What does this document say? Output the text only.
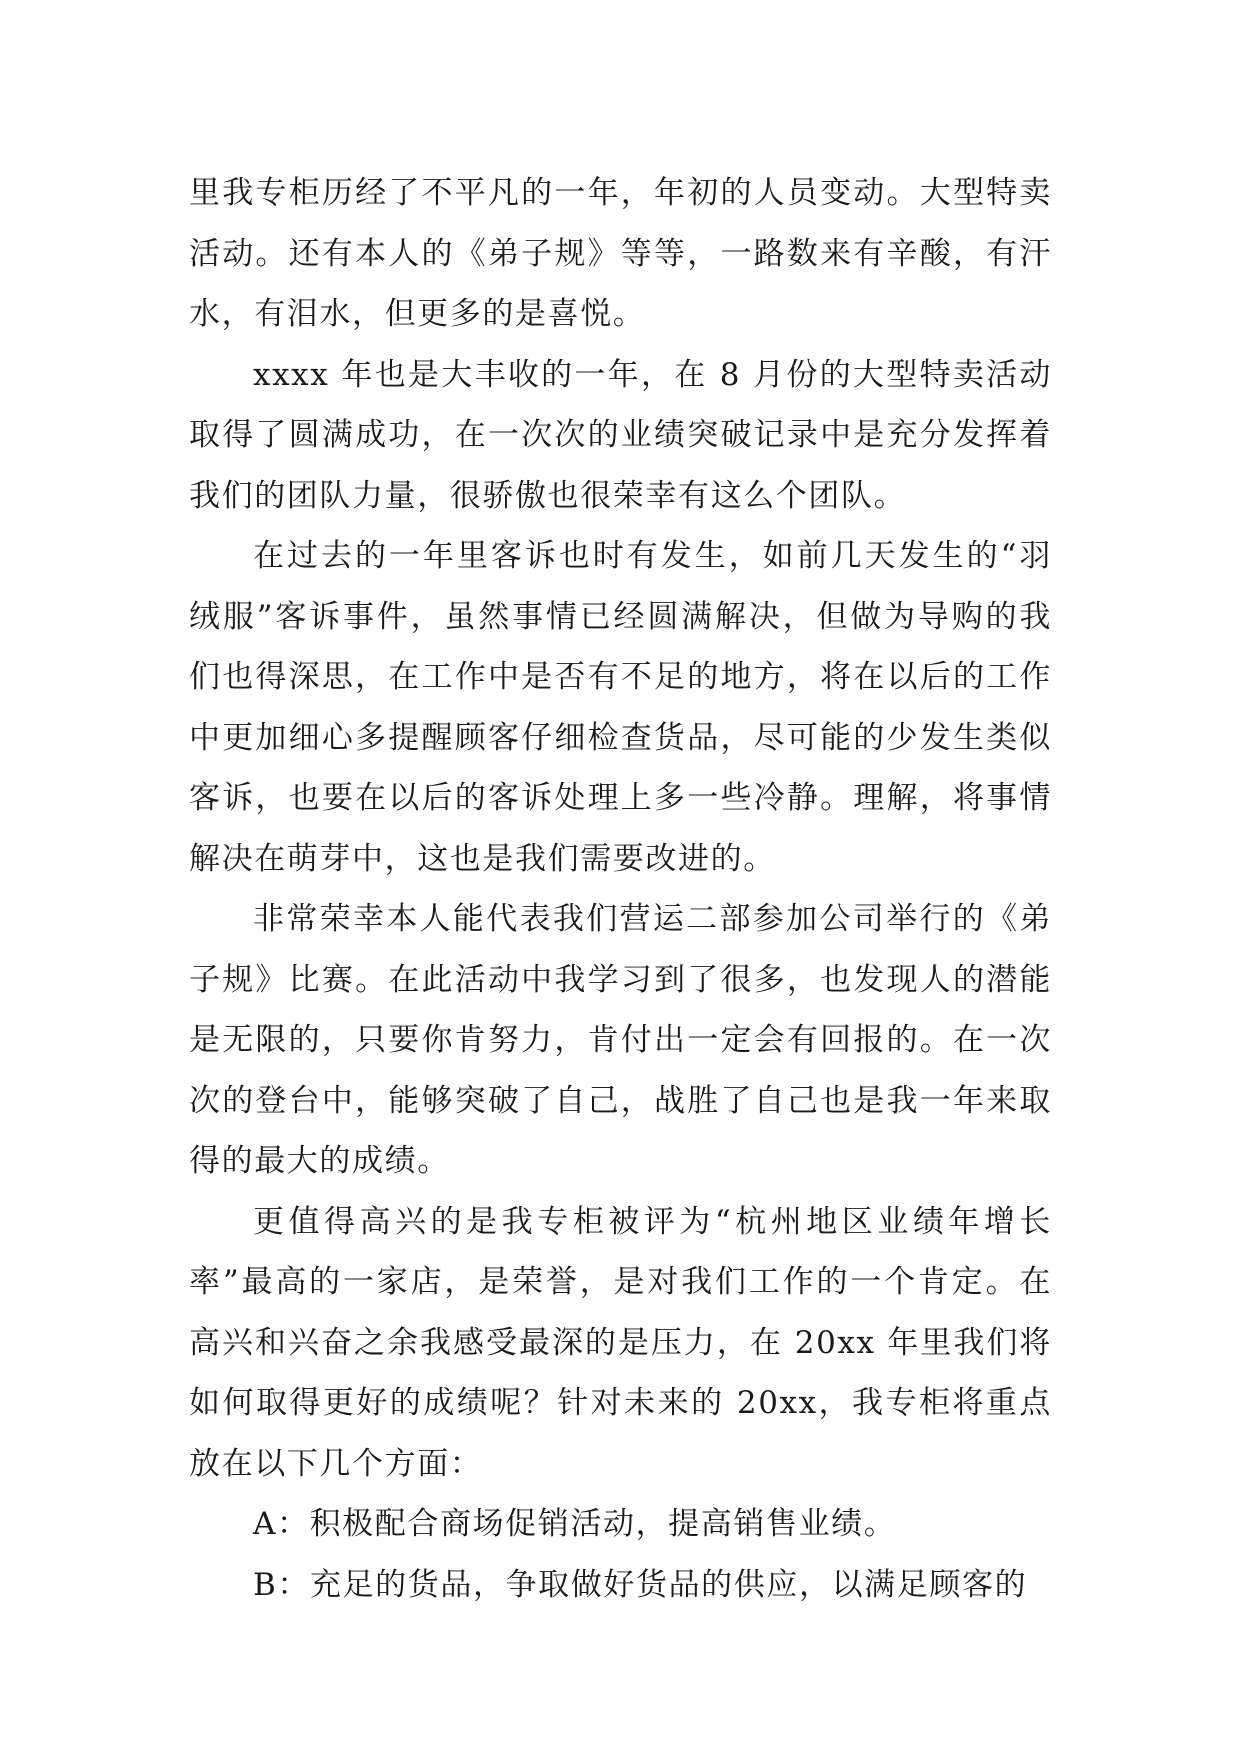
里我专柜历经了不平凡的一年，年初的人员变动。大型特卖活动。还有本人的《弟子规》等等，一路数来有辛酸，有汗水，有泪水，但更多的是喜悦。

xxxx 年也是大丰收的一年，在 8 月份的大型特卖活动取得了圆满成功，在一次次的业绩突破记录中是充分发挥着我们的团队力量，很骄傲也很荣幸有这么个团队。

在过去的一年里客诉也时有发生，如前几天发生的“羽绒服”客诉事件，虽然事情已经圆满解决，但做为导购的我们也得深思，在工作中是否有不足的地方，将在以后的工作中更加细心多提醒顾客仔细检查货品，尽可能的少发生类似客诉，也要在以后的客诉处理上多一些冷静。理解，将事情解决在萌芽中，这也是我们需要改进的。

非常荣幸本人能代表我们营运二部参加公司举行的《弟子规》比赛。在此活动中我学习到了很多，也发现人的潜能是无限的，只要你肯努力，肯付出一定会有回报的。在一次次的登台中，能够突破了自己，战胜了自己也是我一年来取得的最大的成绩。

更值得高兴的是我专柜被评为“杭州地区业绩年增长率”最高的一家店，是荣誉，是对我们工作的一个肯定。在高兴和兴奋之余我感受最深的是压力，在 20xx 年里我们将如何取得更好的成绩呢？针对未来的 20xx，我专柜将重点放在以下几个方面：

A：积极配合商场促销活动，提高销售业绩。

B：充足的货品，争取做好货品的供应，以满足顾客的
